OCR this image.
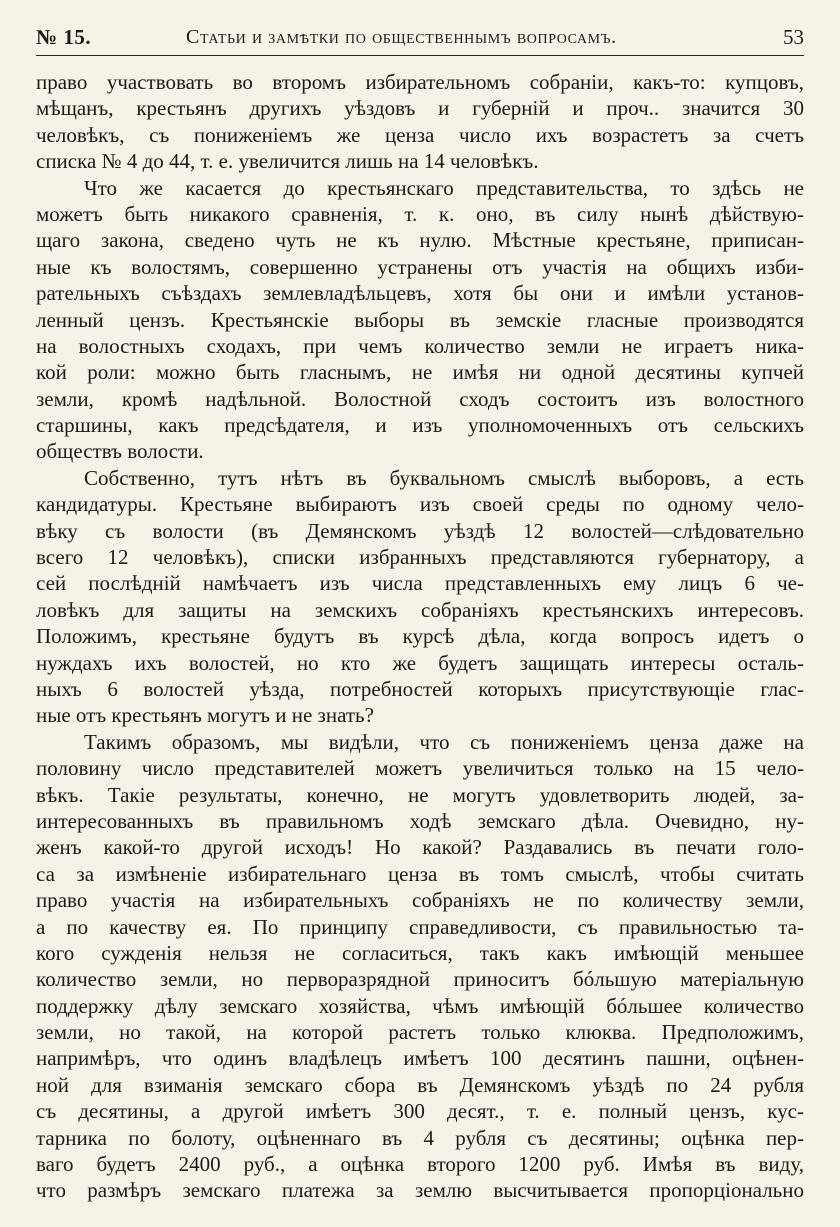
№ 15.	Статьи и замѣтки по общественнымъ вопросамъ.	53
право участвовать во второмъ избирательномъ собраніи, какъ-то: купцовъ,
мѣщанъ, крестьянъ другихъ уѣздовъ и губерній и проч.. значится 30
человѣкъ, съ пониженіемъ же ценза число ихъ возрастетъ за счетъ
списка № 4 до 44, т. е. увеличится лишь на 14 человѣкъ.
Что же касается до крестьянскаго представительства, то здѣсь не
можетъ быть никакого сравненія, т. к. оно, въ силу нынѣ дѣйствую-
щаго закона, сведено чуть не къ нулю. Мѣстные крестьяне, приписан-
ные къ волостямъ, совершенно устранены отъ участія на общихъ изби-
рательныхъ съѣздахъ землевладѣльцевъ, хотя бы они и имѣли установ-
ленный цензъ. Крестьянскіе выборы въ земскіе гласные производятся
на волостныхъ сходахъ, при чемъ количество земли не играетъ ника-
кой роли: можно быть гласнымъ, не имѣя ни одной десятины купчей
земли, кромѣ надѣльной. Волостной сходъ состоитъ изъ волостного
старшины, какъ предсѣдателя, и изъ уполномоченныхъ отъ сельскихъ
обществъ волости.
Собственно, тутъ нѣтъ въ буквальномъ смыслѣ выборовъ, а есть
кандидатуры. Крестьяне выбираютъ изъ своей среды по одному чело-
вѣку съ волости (въ Демянскомъ уѣздѣ 12 волостей—слѣдовательно
всего 12 человѣкъ), списки избранныхъ представляются губернатору, а
сей послѣдній намѣчаетъ изъ числа представленныхъ ему лицъ 6 че-
ловѣкъ для защиты на земскихъ собраніяхъ крестьянскихъ интересовъ.
Положимъ, крестьяне будутъ въ курсѣ дѣла, когда вопросъ идетъ о
нуждахъ ихъ волостей, но кто же будетъ защищать интересы осталь-
ныхъ 6 волостей уѣзда, потребностей которыхъ присутствующіе глас-
ные отъ крестьянъ могутъ и не знать?
Такимъ образомъ, мы видѣли, что съ пониженіемъ ценза даже на
половину число представителей можетъ увеличиться только на 15 чело-
вѣкъ. Такіе результаты, конечно, не могутъ удовлетворить людей, за-
интересованныхъ въ правильномъ ходѣ земскаго дѣла. Очевидно, ну-
женъ какой-то другой исходъ! Но какой? Раздавались въ печати голо-
са за измѣненіе избирательнаго ценза въ томъ смыслѣ, чтобы считать
право участія на избирательныхъ собраніяхъ не по количеству земли,
а по качеству ея. По принципу справедливости, съ правильностью та-
кого сужденія нельзя не согласиться, такъ какъ имѣющій меньшее
количество земли, но перворазрядной приноситъ бóльшую матеріальную
поддержку дѣлу земскаго хозяйства, чѣмъ имѣющій бóльшее количество
земли, но такой, на которой растетъ только клюква. Предположимъ,
напримѣръ, что одинъ владѣлецъ имѣетъ 100 десятинъ пашни, оцѣнен-
ной для взиманія земскаго сбора въ Демянскомъ уѣздѣ по 24 рубля
съ десятины, а другой имѣетъ 300 десят., т. е. полный цензъ, кус-
тарника по болоту, оцѣненнаго въ 4 рубля съ десятины; оцѣнка пер-
ваго будетъ 2400 руб., а оцѣнка второго 1200 руб. Имѣя въ виду,
что размѣръ земскаго платежа за землю высчитывается пропорціонально
